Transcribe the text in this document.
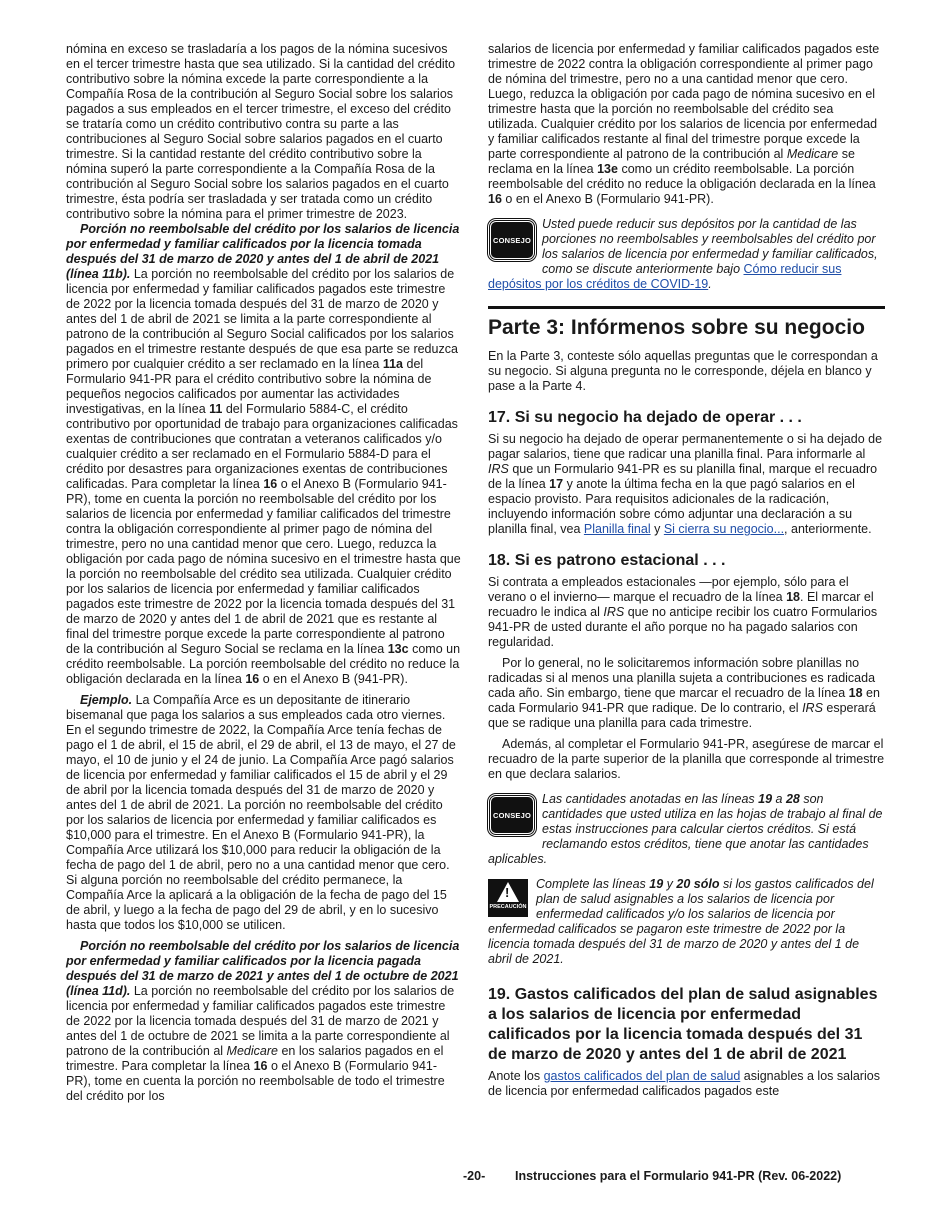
nómina en exceso se trasladaría a los pagos de la nómina sucesivos en el tercer trimestre hasta que sea utilizado. Si la cantidad del crédito contributivo sobre la nómina excede la parte correspondiente a la Compañía Rosa de la contribución al Seguro Social sobre los salarios pagados a sus empleados en el tercer trimestre, el exceso del crédito se trataría como un crédito contributivo contra su parte a las contribuciones al Seguro Social sobre salarios pagados en el cuarto trimestre. Si la cantidad restante del crédito contributivo sobre la nómina superó la parte correspondiente a la Compañía Rosa de la contribución al Seguro Social sobre los salarios pagados en el cuarto trimestre, ésta podría ser trasladada y ser tratada como un crédito contributivo sobre la nómina para el primer trimestre de 2023.

Porción no reembolsable del crédito por los salarios de licencia por enfermedad y familiar calificados por la licencia tomada después del 31 de marzo de 2020 y antes del 1 de abril de 2021 (línea 11b). La porción no reembolsable del crédito por los salarios de licencia por enfermedad y familiar calificados pagados este trimestre de 2022 por la licencia tomada después del 31 de marzo de 2020 y antes del 1 de abril de 2021 se limita a la parte correspondiente al patrono de la contribución al Seguro Social calificados por los salarios pagados en el trimestre restante después de que esa parte se reduzca primero por cualquier crédito a ser reclamado en la línea 11a del Formulario 941-PR para el crédito contributivo sobre la nómina de pequeños negocios calificados por aumentar las actividades investigativas, en la línea 11 del Formulario 5884-C, el crédito contributivo por oportunidad de trabajo para organizaciones calificadas exentas de contribuciones que contratan a veteranos calificados y/o cualquier crédito a ser reclamado en el Formulario 5884-D para el crédito por desastres para organizaciones exentas de contribuciones calificadas. Para completar la línea 16 o el Anexo B (Formulario 941-PR), tome en cuenta la porción no reembolsable del crédito por los salarios de licencia por enfermedad y familiar calificados del trimestre contra la obligación correspondiente al primer pago de nómina del trimestre, pero no una cantidad menor que cero. Luego, reduzca la obligación por cada pago de nómina sucesivo en el trimestre hasta que la porción no reembolsable del crédito sea utilizada. Cualquier crédito por los salarios de licencia por enfermedad y familiar calificados pagados este trimestre de 2022 por la licencia tomada después del 31 de marzo de 2020 y antes del 1 de abril de 2021 que es restante al final del trimestre porque excede la parte correspondiente al patrono de la contribución al Seguro Social se reclama en la línea 13c como un crédito reembolsable. La porción reembolsable del crédito no reduce la obligación declarada en la línea 16 o en el Anexo B (941-PR).

Ejemplo. La Compañía Arce es un depositante de itinerario bisemanal que paga los salarios a sus empleados cada otro viernes. En el segundo trimestre de 2022, la Compañía Arce tenía fechas de pago el 1 de abril, el 15 de abril, el 29 de abril, el 13 de mayo, el 27 de mayo, el 10 de junio y el 24 de junio. La Compañía Arce pagó salarios de licencia por enfermedad y familiar calificados el 15 de abril y el 29 de abril por la licencia tomada después del 31 de marzo de 2020 y antes del 1 de abril de 2021. La porción no reembolsable del crédito por los salarios de licencia por enfermedad y familiar calificados es $10,000 para el trimestre. En el Anexo B (Formulario 941-PR), la Compañía Arce utilizará los $10,000 para reducir la obligación de la fecha de pago del 1 de abril, pero no a una cantidad menor que cero. Si alguna porción no reembolsable del crédito permanece, la Compañía Arce la aplicará a la obligación de la fecha de pago del 15 de abril, y luego a la fecha de pago del 29 de abril, y en lo sucesivo hasta que todos los $10,000 se utilicen.

Porción no reembolsable del crédito por los salarios de licencia por enfermedad y familiar calificados por la licencia pagada después del 31 de marzo de 2021 y antes del 1 de octubre de 2021 (línea 11d). La porción no reembolsable del crédito por los salarios de licencia por enfermedad y familiar calificados pagados este trimestre de 2022 por la licencia tomada después del 31 de marzo de 2021 y antes del 1 de octubre de 2021 se limita a la parte correspondiente al patrono de la contribución al Medicare en los salarios pagados en el trimestre. Para completar la línea 16 o el Anexo B (Formulario 941-PR), tome en cuenta la porción no reembolsable de todo el trimestre del crédito por los

salarios de licencia por enfermedad y familiar calificados pagados este trimestre de 2022 contra la obligación correspondiente al primer pago de nómina del trimestre, pero no a una cantidad menor que cero. Luego, reduzca la obligación por cada pago de nómina sucesivo en el trimestre hasta que la porción no reembolsable del crédito sea utilizada. Cualquier crédito por los salarios de licencia por enfermedad y familiar calificados restante al final del trimestre porque excede la parte correspondiente al patrono de la contribución al Medicare se reclama en la línea 13e como un crédito reembolsable. La porción reembolsable del crédito no reduce la obligación declarada en la línea 16 o en el Anexo B (Formulario 941-PR).

CONSEJO

Usted puede reducir sus depósitos por la cantidad de las porciones no reembolsables y reembolsables del crédito por los salarios de licencia por enfermedad y familiar calificados, como se discute anteriormente bajo Cómo reducir sus depósitos por los créditos de COVID-19.

Parte 3: Infórmenos sobre su negocio

En la Parte 3, conteste sólo aquellas preguntas que le correspondan a su negocio. Si alguna pregunta no le corresponde, déjela en blanco y pase a la Parte 4.

17. Si su negocio ha dejado de operar . . .

Si su negocio ha dejado de operar permanentemente o si ha dejado de pagar salarios, tiene que radicar una planilla final. Para informarle al IRS que un Formulario 941-PR es su planilla final, marque el recuadro de la línea 17 y anote la última fecha en la que pagó salarios en el espacio provisto. Para requisitos adicionales de la radicación, incluyendo información sobre cómo adjuntar una declaración a su planilla final, vea Planilla final y Si cierra su negocio..., anteriormente.

18. Si es patrono estacional . . .

Si contrata a empleados estacionales —por ejemplo, sólo para el verano o el invierno— marque el recuadro de la línea 18. El marcar el recuadro le indica al IRS que no anticipe recibir los cuatro Formularios 941-PR de usted durante el año porque no ha pagado salarios con regularidad.

Por lo general, no le solicitaremos información sobre planillas no radicadas si al menos una planilla sujeta a contribuciones es radicada cada año. Sin embargo, tiene que marcar el recuadro de la línea 18 en cada Formulario 941-PR que radique. De lo contrario, el IRS esperará que se radique una planilla para cada trimestre.

Además, al completar el Formulario 941-PR, asegúrese de marcar el recuadro de la parte superior de la planilla que corresponde al trimestre en que declara salarios.

CONSEJO

Las cantidades anotadas en las líneas 19 a 28 son cantidades que usted utiliza en las hojas de trabajo al final de estas instrucciones para calcular ciertos créditos. Si está reclamando estos créditos, tiene que anotar las cantidades aplicables.

!
PRECAUCIÓN

Complete las líneas 19 y 20 sólo si los gastos calificados del plan de salud asignables a los salarios de licencia por enfermedad calificados y/o los salarios de licencia por enfermedad calificados se pagaron este trimestre de 2022 por la licencia tomada después del 31 de marzo de 2020 y antes del 1 de abril de 2021.

19. Gastos calificados del plan de salud asignables a los salarios de licencia por enfermedad calificados por la licencia tomada después del 31 de marzo de 2020 y antes del 1 de abril de 2021

Anote los gastos calificados del plan de salud asignables a los salarios de licencia por enfermedad calificados pagados este

-20- Instrucciones para el Formulario 941-PR (Rev. 06-2022)
